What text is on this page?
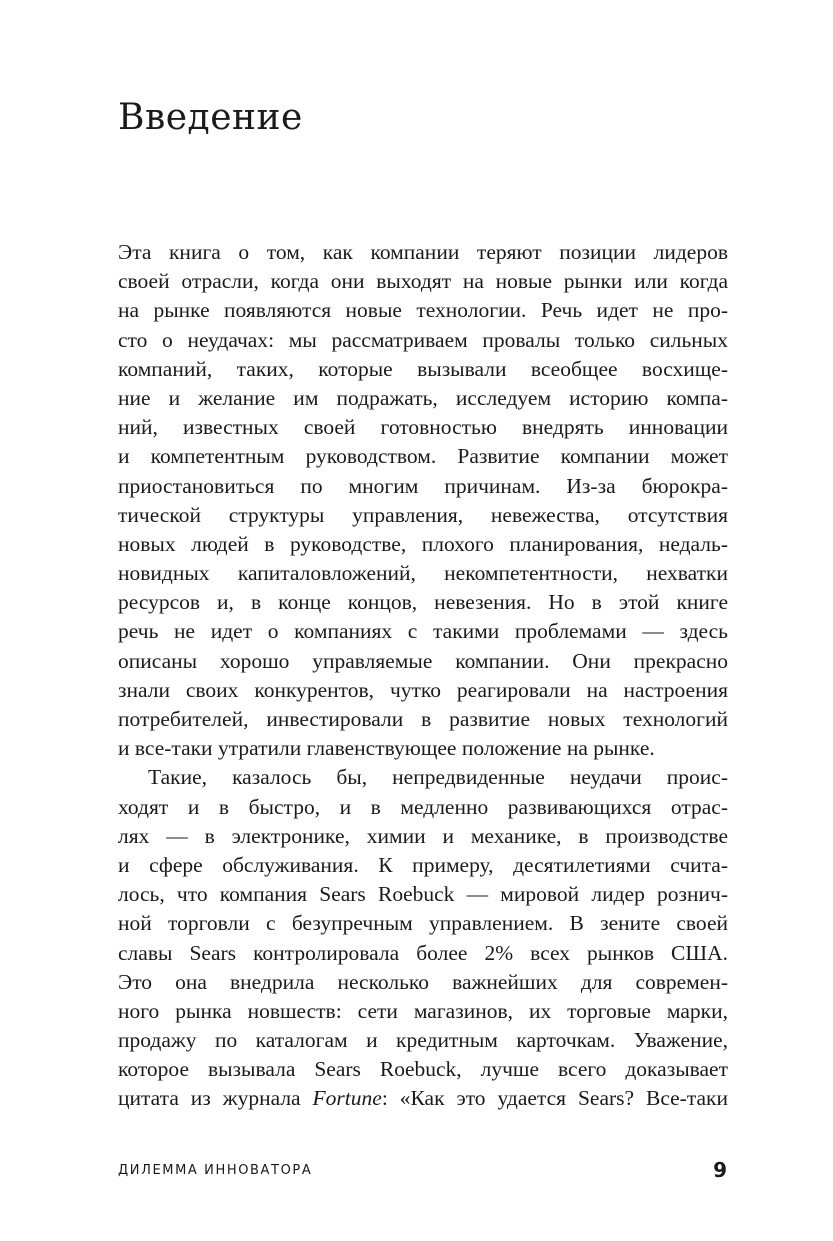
Введение
Эта книга о том, как компании теряют позиции лидеров
своей отрасли, когда они выходят на новые рынки или когда
на рынке появляются новые технологии. Речь идет не про-
сто о неудачах: мы рассматриваем провалы только сильных
компаний, таких, которые вызывали всеобщее восхище-
ние и желание им подражать, исследуем историю компа-
ний, известных своей готовностью внедрять инновации
и компетентным руководством. Развитие компании может
приостановиться по многим причинам. Из-за бюрокра-
тической структуры управления, невежества, отсутствия
новых людей в руководстве, плохого планирования, недаль-
новидных капиталовложений, некомпетентности, нехватки
ресурсов и, в конце концов, невезения. Но в этой книге
речь не идет о компаниях с такими проблемами — здесь
описаны хорошо управляемые компании. Они прекрасно
знали своих конкурентов, чутко реагировали на настроения
потребителей, инвестировали в развитие новых технологий
и все-таки утратили главенствующее положение на рынке.
Такие, казалось бы, непредвиденные неудачи проис-
ходят и в быстро, и в медленно развивающихся отрас-
лях — в электронике, химии и механике, в производстве
и сфере обслуживания. К примеру, десятилетиями счита-
лось, что компания Sears Roebuck — мировой лидер рознич-
ной торговли с безупречным управлением. В зените своей
славы Sears контролировала более 2% всех рынков США.
Это она внедрила несколько важнейших для современ-
ного рынка новшеств: сети магазинов, их торговые марки,
продажу по каталогам и кредитным карточкам. Уважение,
которое вызывала Sears Roebuck, лучше всего доказывает
цитата из журнала Fortune: «Как это удается Sears? Все-таки
ДИЛЕММА ИННОВАТОРА	9
